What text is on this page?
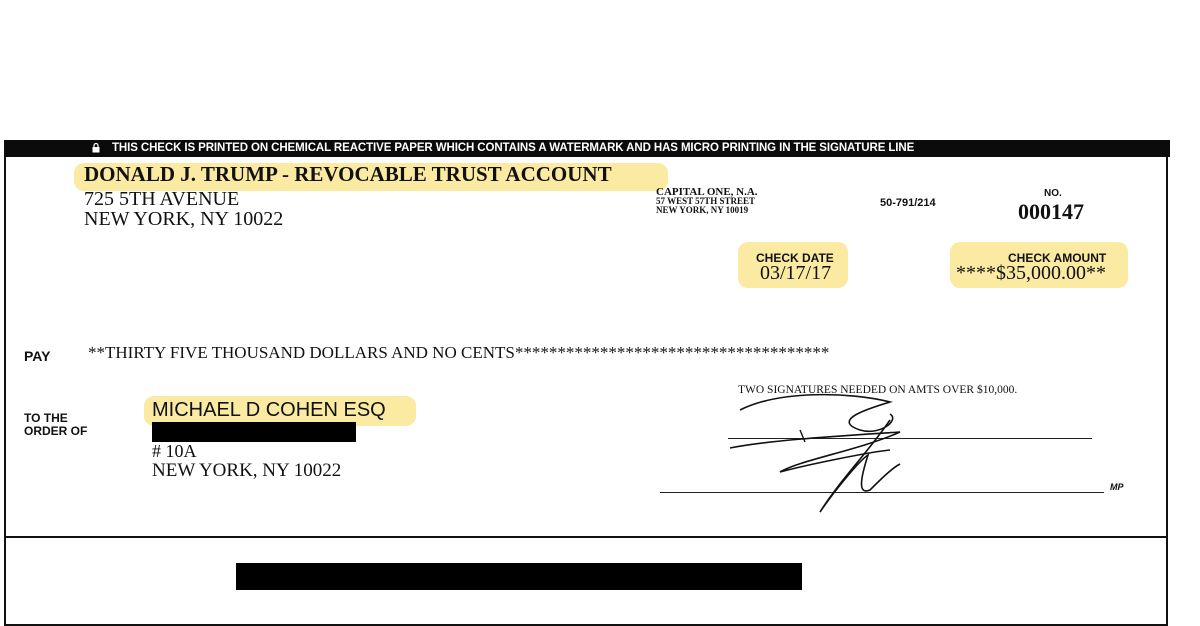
THIS CHECK IS PRINTED ON CHEMICAL REACTIVE PAPER WHICH CONTAINS A WATERMARK AND HAS MICRO PRINTING IN THE SIGNATURE LINE
DONALD J. TRUMP - REVOCABLE TRUST ACCOUNT
725 5TH AVENUE
NEW YORK, NY 10022
CAPITAL ONE, N.A.
57 WEST 57TH STREET
NEW YORK, NY 10019
50-791/214
NO.
000147
CHECK DATE
03/17/17
CHECK AMOUNT
****$35,000.00**
PAY **THIRTY FIVE THOUSAND DOLLARS AND NO CENTS*************************************
TO THE
ORDER OF
MICHAEL D COHEN ESQ
# 10A
NEW YORK, NY 10022
TWO SIGNATURES NEEDED ON AMTS OVER $10,000.
MP
